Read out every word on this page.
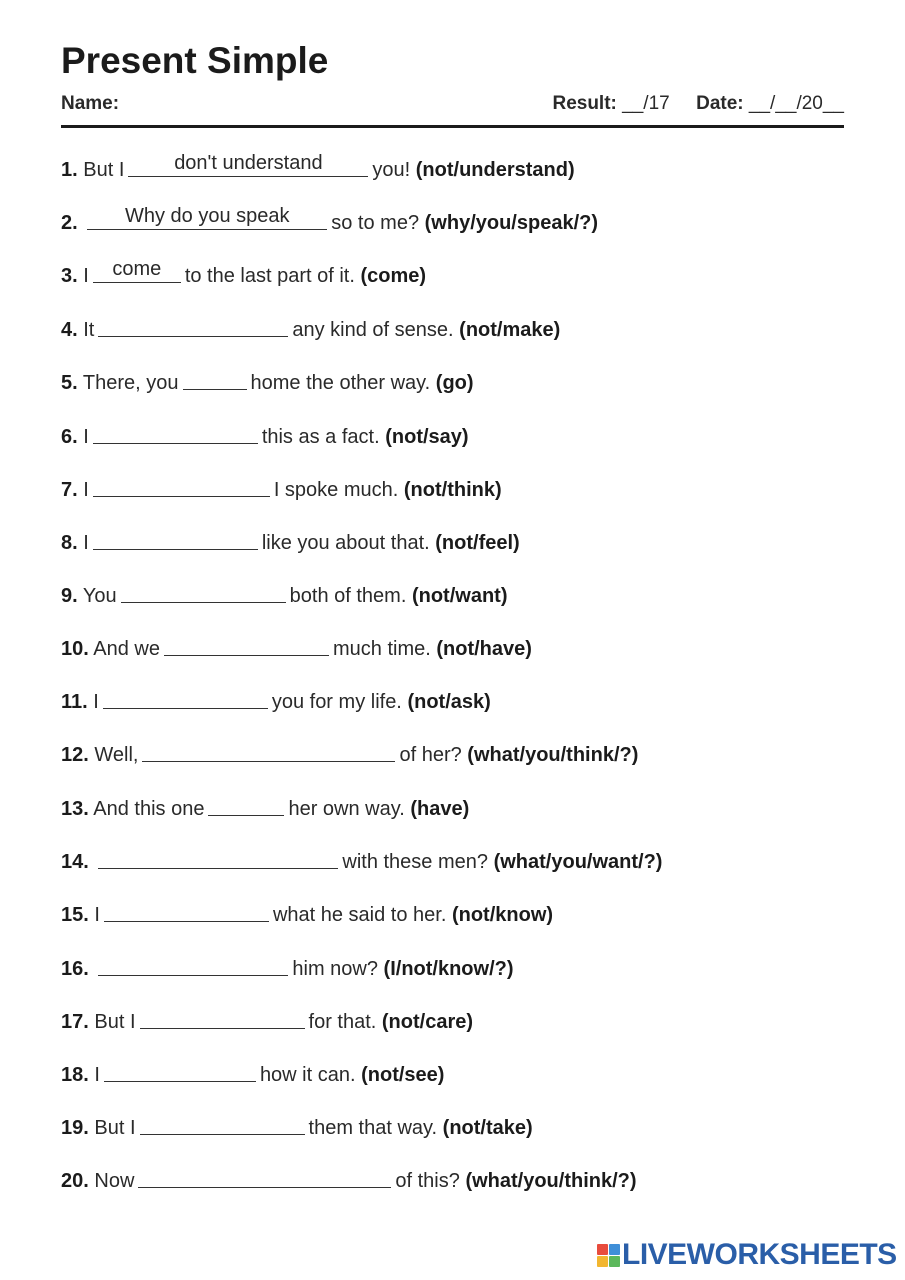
Present Simple
Name:	Result: __/17 Date: __/__/20__
1. But I	don't understand	you! (not/understand)
2.	Why do you speak	so to me? (why/you/speak/?)
3. I	come	to the last part of it. (come)
4. It	any kind of sense. (not/make)
5. There, you	home the other way. (go)
6. I	this as a fact. (not/say)
7. I	I spoke much. (not/think)
8. I	like you about that. (not/feel)
9. You	both of them. (not/want)
10. And we	much time. (not/have)
11. I	you for my life. (not/ask)
12. Well,	of her? (what/you/think/?)
13. And this one	her own way. (have)
14.	with these men? (what/you/want/?)
15. I	what he said to her. (not/know)
16.	him now? (I/not/know/?)
17. But I	for that. (not/care)
18. I	how it can. (not/see)
19. But I	them that way. (not/take)
20. Now	of this? (what/you/think/?)
LIVEWORKSHEETS
